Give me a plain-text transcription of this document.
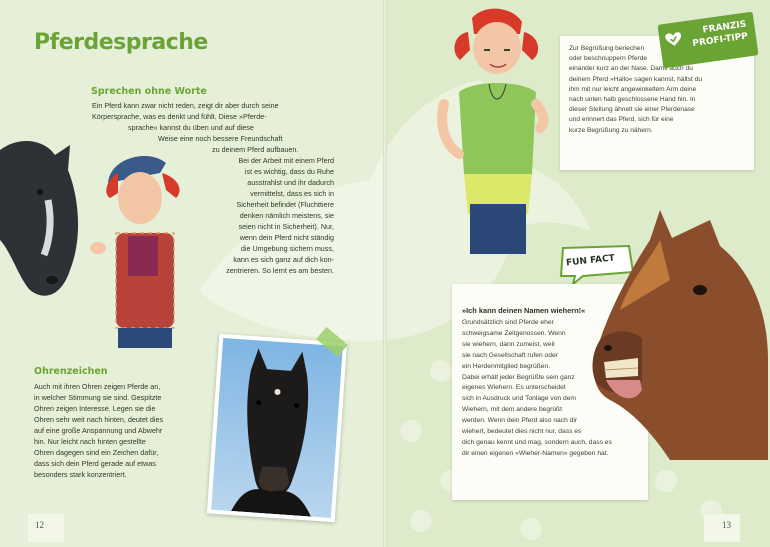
Pferdesprache
Sprechen ohne Worte
Ein Pferd kann zwar nicht reden, zeigt dir aber durch seine
Körpersprache, was es denkt und fühlt. Diese »Pferde-
sprache« kannst du üben und auf diese
Weise eine noch bessere Freundschaft
zu deinem Pferd aufbauen.
Bei der Arbeit mit einem Pferd
ist es wichtig, dass du Ruhe
ausstrahlst und ihr dadurch
vermittelst, dass es sich in
Sicherheit befindet (Fluchttiere
denken nämlich meistens, sie
seien nicht in Sicherheit). Nur,
wenn dein Pferd nicht ständig
die Umgebung sichern muss,
kann es sich ganz auf dich kon-
zentrieren. So lernt es am besten.
Ohrenzeichen
Auch mit ihren Ohren zeigen Pferde an,
in welcher Stimmung sie sind. Gespitzte
Ohren zeigen Interesse. Legen sie die
Ohren sehr weit nach hinten, deutet dies
auf eine große Anspannung und Abwehr
hin. Nur leicht nach hinten gestellte
Ohren dagegen sind ein Zeichen dafür,
dass sich dein Pferd gerade auf etwas
besonders stark konzentriert.
12
Zur Begrüßung beriechen
oder beschnuppern Pferde
einander kurz an der Nase. Damit auch du
deinem Pferd »Hallo« sagen kannst, hältst du
ihm mit nur leicht angewinkeltem Arm deine
nach unten halb geschlossene Hand hin. In
dieser Stellung ähnelt sie einer Pferdenase
und erinnert das Pferd, sich für eine
kurze Begrüßung zu nähern.
FRANZIS
PROFI-TIPP
FUN FACT
»Ich kann deinen Namen wiehern!«
Grundsätzlich sind Pferde eher
schweigsame Zeitgenossen. Wenn
sie wiehern, dann zumeist, weil
sie nach Gesellschaft rufen oder
ein Herdenmitglied begrüßen.
Dabei erhält jeder Begrüßte sein ganz
eigenes Wiehern. Es unterscheidet
sich in Ausdruck und Tonlage von dem
Wiehern, mit dem andere begrüßt
werden. Wenn dein Pferd also nach dir
wiehert, bedeutet dies nicht nur, dass es
dich genau kennt und mag, sondern auch, dass es
dir einen eigenen »Wieher-Namen« gegeben hat.
13
